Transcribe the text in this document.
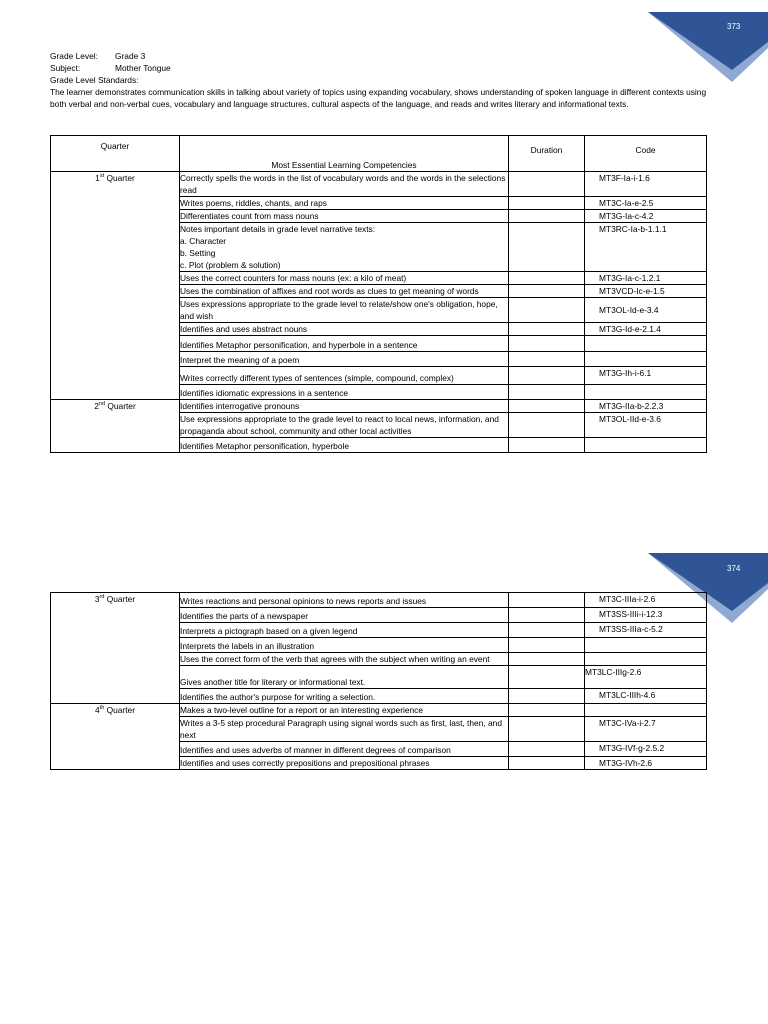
373
Grade Level:	Grade 3
Subject:	Mother Tongue
Grade Level Standards:
The learner demonstrates communication skills in talking about variety of topics using expanding vocabulary, shows understanding of spoken language in different contexts using both verbal and non-verbal cues, vocabulary and language structures, cultural aspects of the language, and reads and writes literary and informational texts.
Quarter	Most Essential Learning Competencies	Duration	Code
1st Quarter	Correctly spells the words in the list of vocabulary words and the words in the selections read		MT3F-Ia-i-1.6
	Writes poems, riddles, chants, and raps		MT3C-Ia-e-2.5
	Differentiates count from mass nouns		MT3G-Ia-c-4.2

	Notes important details in grade level narrative texts:
a. Character
b. Setting
c. Plot (problem & solution)		MT3RC-Ia-b-1.1.1
	Uses the correct counters for mass nouns (ex: a kilo of meat)		MT3G-Ia-c-1.2.1
	Uses the combination of affixes and root words as clues to get meaning of words		MT3VCD-Ic-e-1.5
	Uses expressions appropriate to the grade level to relate/show one's obligation, hope, and wish		MT3OL-Id-e-3.4
	Identifies and uses abstract nouns		MT3G-Id-e-2.1.4
	Identifies Metaphor personification, and hyperbole in a sentence		
	Interpret the meaning of a poem		
	Writes correctly different types of sentences (simple, compound, complex)		MT3G-Ih-i-6.1
	Identifies idiomatic expressions in a sentence		
2nd Quarter	Identifies interrogative pronouns		MT3G-IIa-b-2.2.3
	Use expressions appropriate to the grade level to react to local news, information, and propaganda about school, community and other local activities		MT3OL-IId-e-3.6
	Identifies Metaphor personification, hyperbole		
374
3rd Quarter	Writes reactions and personal opinions to news reports and issues		MT3C-IIIa-i-2.6
	Identifies the parts of a newspaper		MT3SS-IIIi-i-12.3
	Interprets a pictograph based on a given legend		MT3SS-IIIa-c-5.2
	Interprets the labels in an illustration		
	Uses the correct form of the verb that agrees with the subject when writing an event		
	Gives another title for literary or informational text.		MT3LC-IIIg-2.6
	Identifies the author's purpose for writing a selection.		MT3LC-IIIh-4.6
4th Quarter	Makes a two-level outline for a report or an interesting experience		
	Writes a 3-5 step procedural Paragraph using signal words such as first, last, then, and next		MT3C-IVa-i-2.7
	Identifies and uses adverbs of manner in different degrees of comparison		MT3G-IVf-g-2.5.2
	Identifies and uses correctly prepositions and prepositional phrases		MT3G-IVh-2.6
